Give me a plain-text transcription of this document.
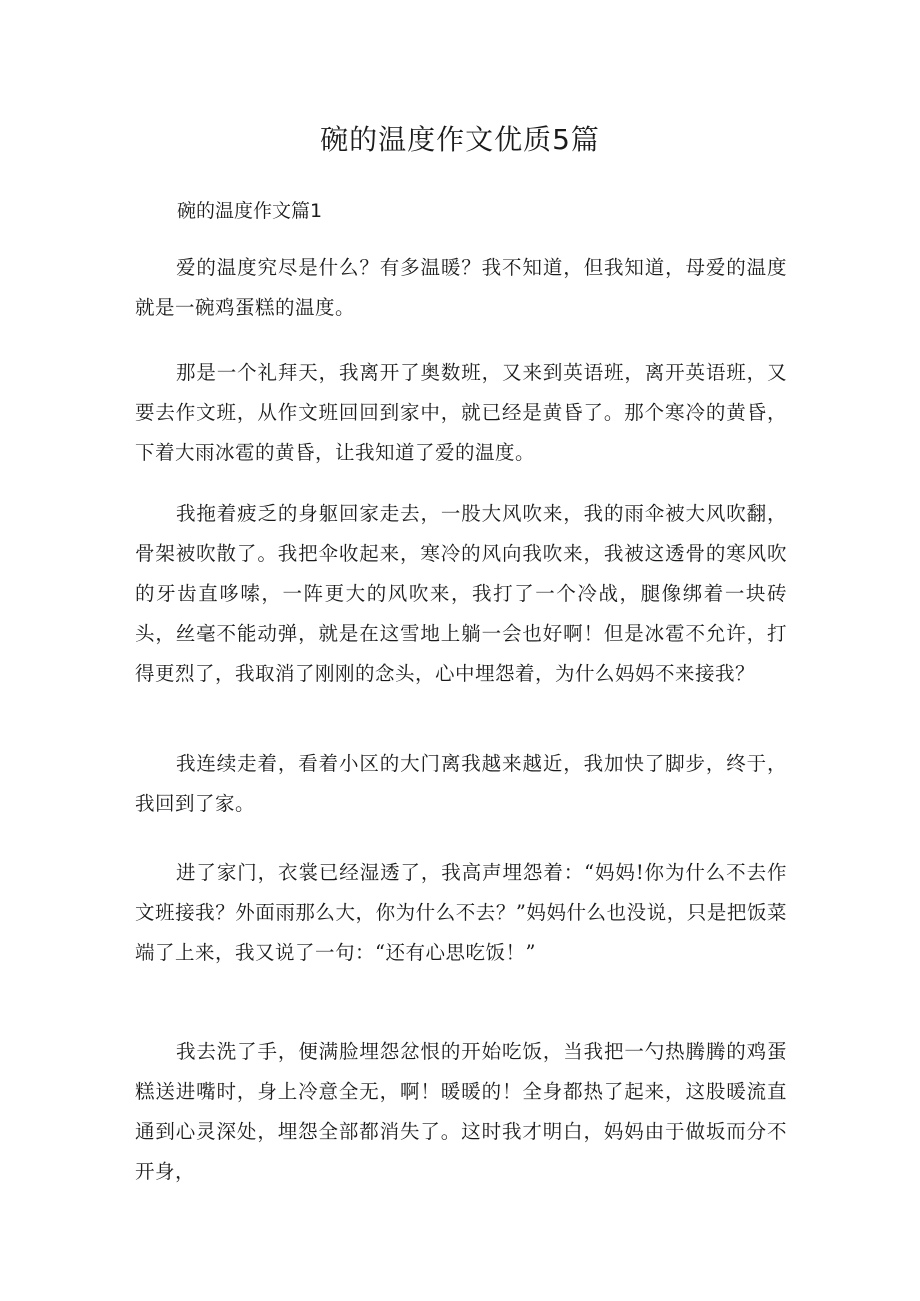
碗的温度作文优质5篇

碗的温度作文篇1

爱的温度究尽是什么？有多温暖？我不知道，但我知道，母爱的温度就是一碗鸡蛋糕的温度。

那是一个礼拜天，我离开了奥数班，又来到英语班，离开英语班，又要去作文班，从作文班回回到家中，就已经是黄昏了。那个寒冷的黄昏，下着大雨冰雹的黄昏，让我知道了爱的温度。

我拖着疲乏的身躯回家走去，一股大风吹来，我的雨伞被大风吹翻，骨架被吹散了。我把伞收起来，寒冷的风向我吹来，我被这透骨的寒风吹的牙齿直哆嗦，一阵更大的风吹来，我打了一个冷战，腿像绑着一块砖头，丝毫不能动弹，就是在这雪地上躺一会也好啊！但是冰雹不允许，打得更烈了，我取消了刚刚的念头，心中埋怨着，为什么妈妈不来接我？

我连续走着，看着小区的大门离我越来越近，我加快了脚步，终于，我回到了家。

进了家门，衣裳已经湿透了，我高声埋怨着：“妈妈!你为什么不去作文班接我？外面雨那么大，你为什么不去？”妈妈什么也没说，只是把饭菜端了上来，我又说了一句：“还有心思吃饭！”

我去洗了手，便满脸埋怨忿恨的开始吃饭，当我把一勺热腾腾的鸡蛋糕送进嘴时，身上冷意全无，啊！暖暖的！全身都热了起来，这股暖流直通到心灵深处，埋怨全部都消失了。这时我才明白，妈妈由于做坂而分不开身，
